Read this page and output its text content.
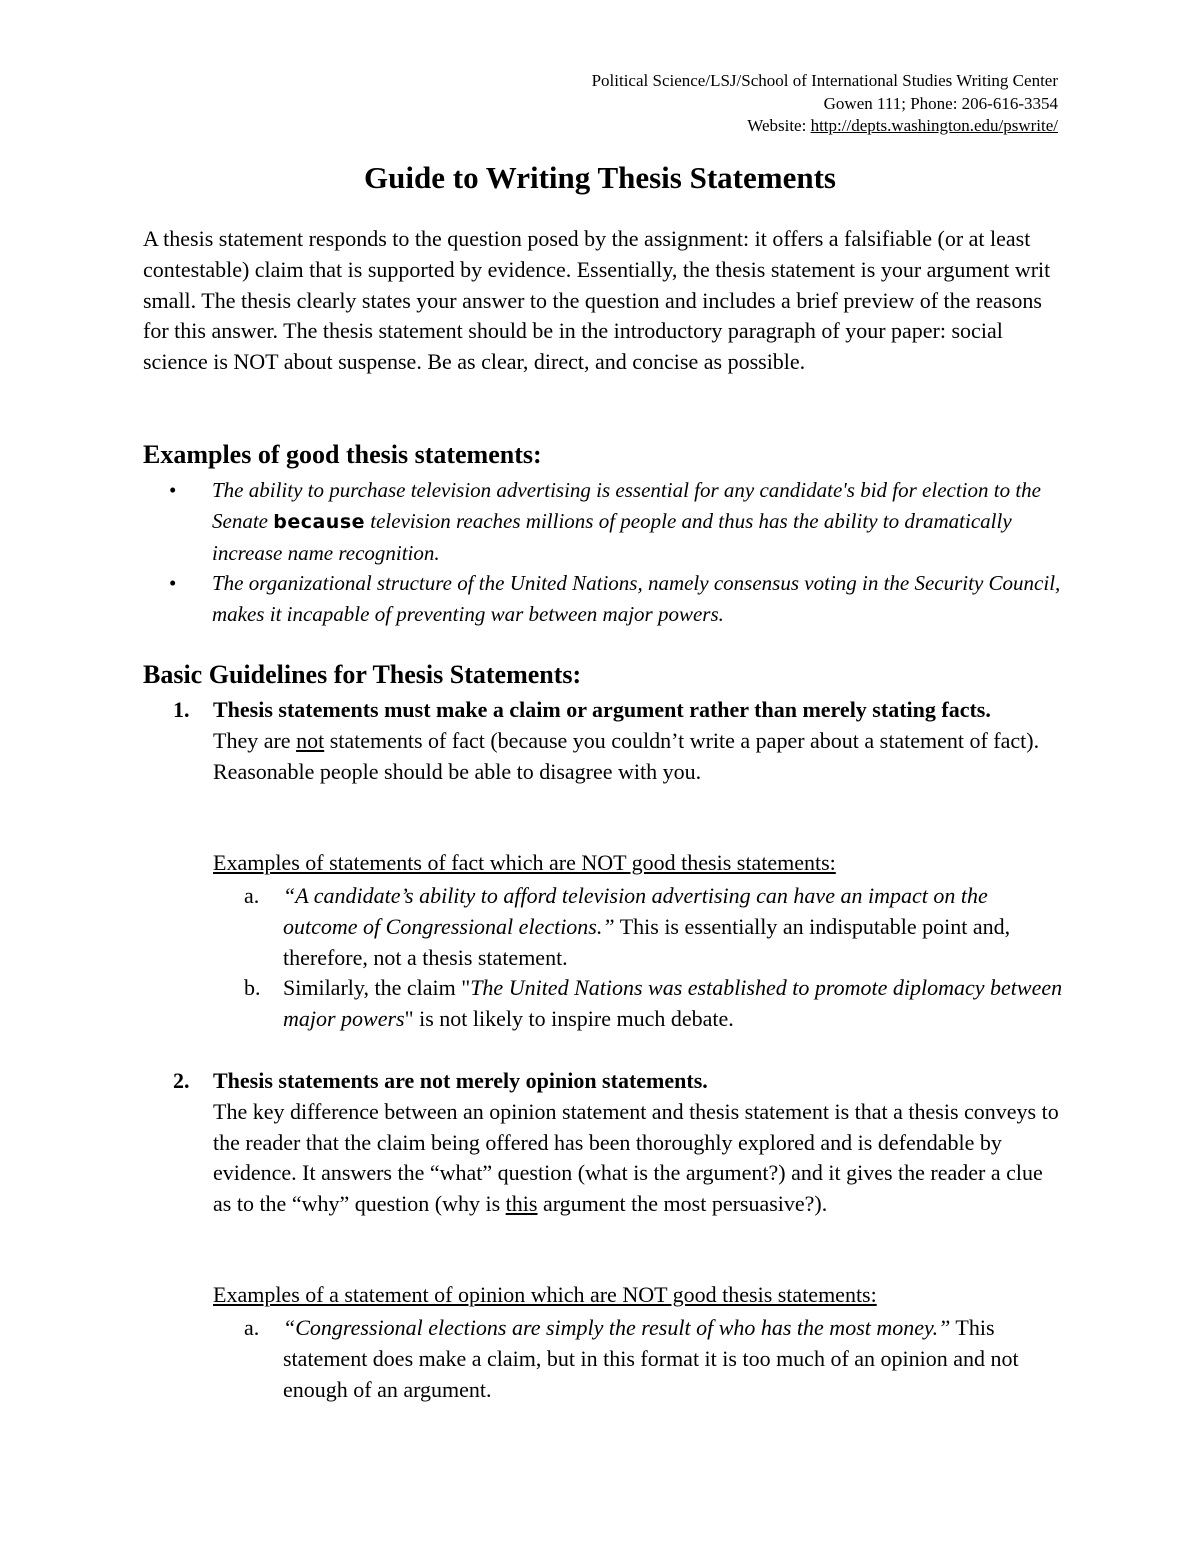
Political Science/LSJ/School of International Studies Writing Center
Gowen 111; Phone: 206-616-3354
Website: http://depts.washington.edu/pswrite/
Guide to Writing Thesis Statements
A thesis statement responds to the question posed by the assignment: it offers a falsifiable (or at least contestable) claim that is supported by evidence. Essentially, the thesis statement is your argument writ small. The thesis clearly states your answer to the question and includes a brief preview of the reasons for this answer. The thesis statement should be in the introductory paragraph of your paper: social science is NOT about suspense. Be as clear, direct, and concise as possible.
Examples of good thesis statements:
• The ability to purchase television advertising is essential for any candidate's bid for election to the Senate because television reaches millions of people and thus has the ability to dramatically increase name recognition.
• The organizational structure of the United Nations, namely consensus voting in the Security Council, makes it incapable of preventing war between major powers.
Basic Guidelines for Thesis Statements:
1. Thesis statements must make a claim or argument rather than merely stating facts.
They are not statements of fact (because you couldn’t write a paper about a statement of fact). Reasonable people should be able to disagree with you.
Examples of statements of fact which are NOT good thesis statements:
a. “A candidate’s ability to afford television advertising can have an impact on the outcome of Congressional elections.” This is essentially an indisputable point and, therefore, not a thesis statement.
b. Similarly, the claim "The United Nations was established to promote diplomacy between major powers" is not likely to inspire much debate.
2. Thesis statements are not merely opinion statements.
The key difference between an opinion statement and thesis statement is that a thesis conveys to the reader that the claim being offered has been thoroughly explored and is defendable by evidence. It answers the “what” question (what is the argument?) and it gives the reader a clue as to the “why” question (why is this argument the most persuasive?).
Examples of a statement of opinion which are NOT good thesis statements:
a. “Congressional elections are simply the result of who has the most money.” This statement does make a claim, but in this format it is too much of an opinion and not enough of an argument.
